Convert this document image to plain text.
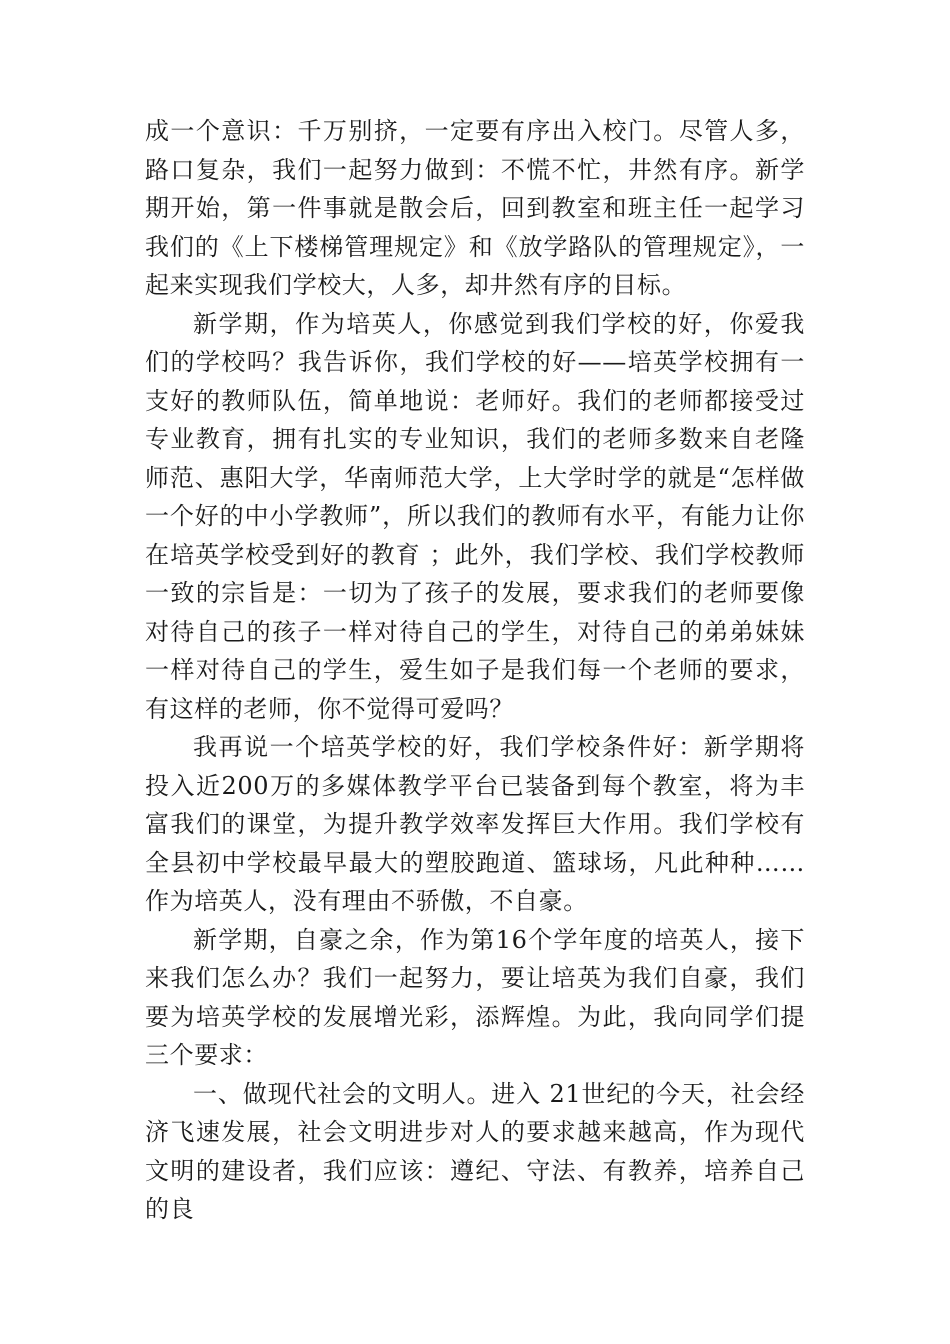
成一个意识：千万别挤，一定要有序出入校门。尽管人多，路口复杂，我们一起努力做到：不慌不忙，井然有序。新学期开始，第一件事就是散会后，回到教室和班主任一起学习我们的《上下楼梯管理规定》和《放学路队的管理规定》，一起来实现我们学校大，人多，却井然有序的目标。

新学期，作为培英人，你感觉到我们学校的好，你爱我们的学校吗？我告诉你，我们学校的好——培英学校拥有一支好的教师队伍，简单地说：老师好。我们的老师都接受过专业教育，拥有扎实的专业知识，我们的老师多数来自老隆师范、惠阳大学，华南师范大学，上大学时学的就是“怎样做一个好的中小学教师”，所以我们的教师有水平，有能力让你在培英学校受到好的教育 ；此外，我们学校、我们学校教师一致的宗旨是：一切为了孩子的发展，要求我们的老师要像对待自己的孩子一样对待自己的学生，对待自己的弟弟妹妹一样对待自己的学生，爱生如子是我们每一个老师的要求，有这样的老师，你不觉得可爱吗？

我再说一个培英学校的好，我们学校条件好：新学期将投入近200万的多媒体教学平台已装备到每个教室，将为丰富我们的课堂，为提升教学效率发挥巨大作用。我们学校有全县初中学校最早最大的塑胶跑道、篮球场，凡此种种……作为培英人，没有理由不骄傲，不自豪。

新学期，自豪之余，作为第16个学年度的培英人，接下来我们怎么办？我们一起努力，要让培英为我们自豪，我们要为培英学校的发展增光彩，添辉煌。为此，我向同学们提三个要求：

一、做现代社会的文明人。进入 21世纪的今天，社会经济飞速发展，社会文明进步对人的要求越来越高，作为现代文明的建设者，我们应该：遵纪、守法、有教养，培养自己的良
